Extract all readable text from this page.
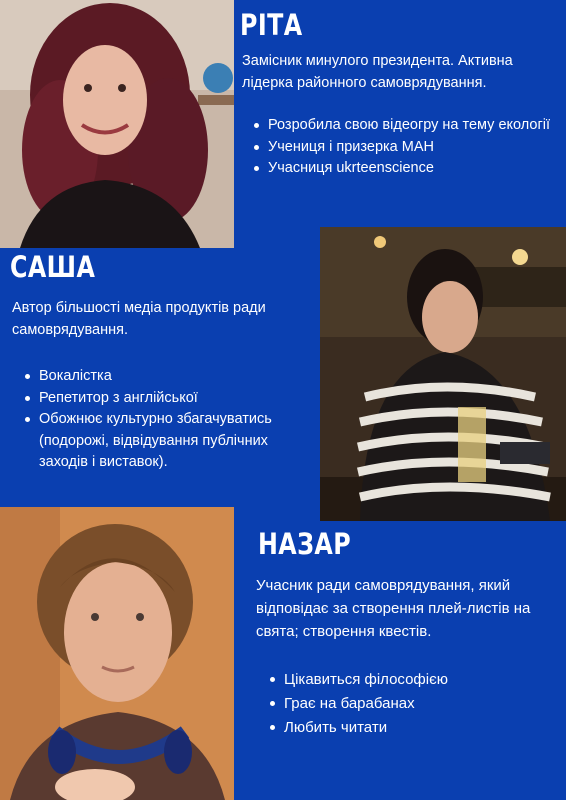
РІТА

Замісник минулого президента. Активна лідерка районного самоврядування.

Розробила свою відеогру на тему екології
Учениця і призерка МАН
Учасниця ukrteenscience
САША

Автор більшості медіа продуктів ради самоврядування.

Вокалістка
Репетитор з англійської
Обожнює культурно збагачуватись (подорожі, відвідування публічних заходів і виставок).
НАЗАР

Учасник ради самоврядування, який відповідає за створення плей-листів на свята; створення квестів.

Цікавиться філософією
Грає на барабанах
Любить читати
